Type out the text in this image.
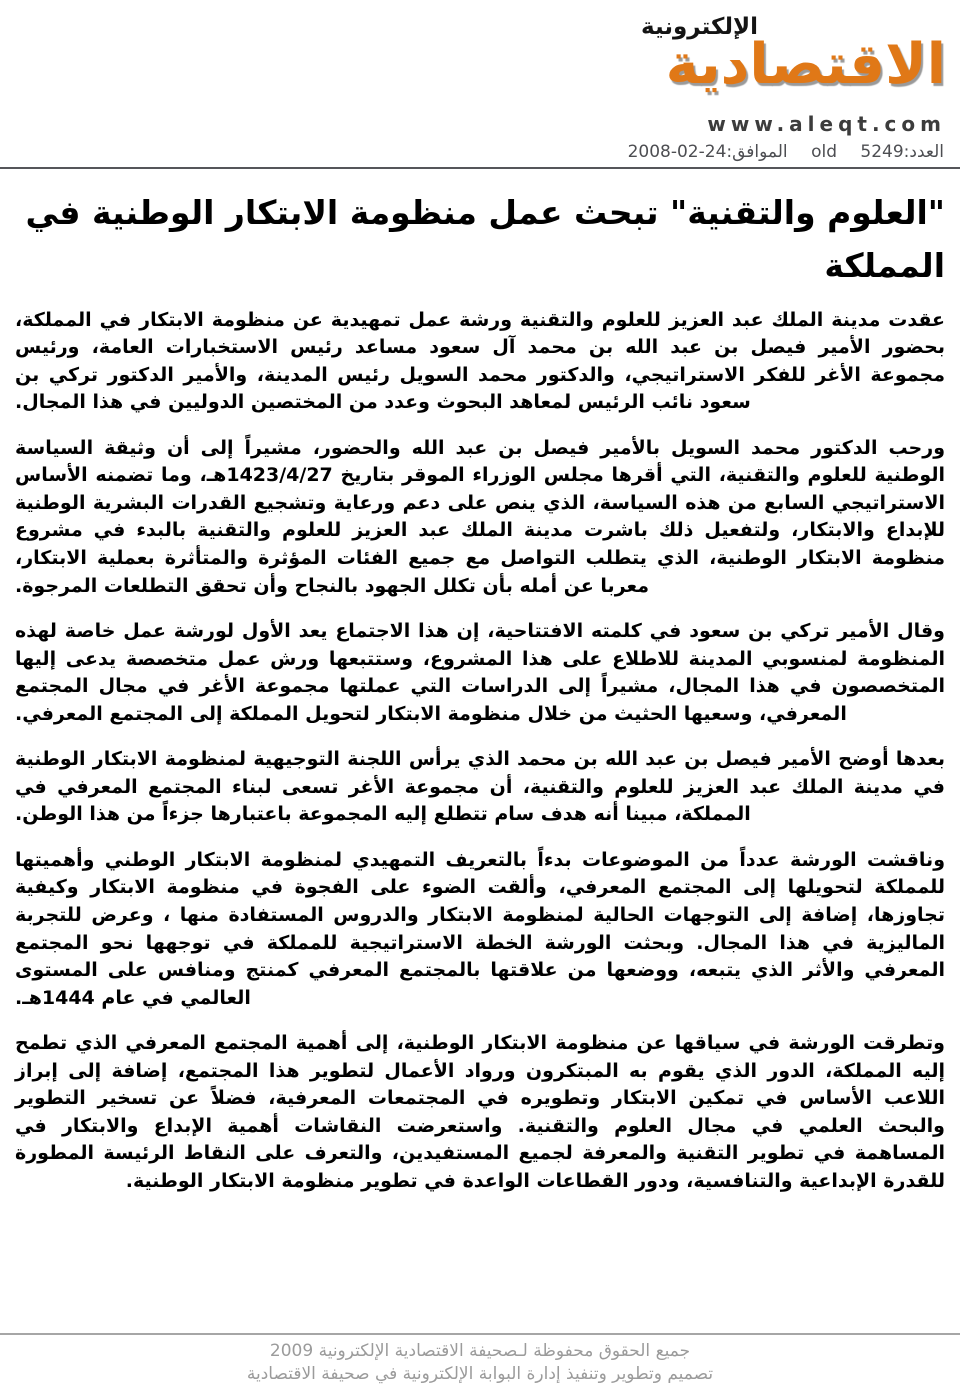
الإلكترونية
الاقتصادية
www.aleqt.com
العدد:5249 old الموافق:24-02-2008
"العلوم والتقنية" تبحث عمل منظومة الابتكار الوطنية في المملكة
عقدت مدينة الملك عبد العزيز للعلوم والتقنية ورشة عمل تمهيدية عن منظومة الابتكار في المملكة، بحضور الأمير فيصل بن عبد الله بن محمد آل سعود مساعد رئيس الاستخبارات العامة، ورئيس مجموعة الأغر للفكر الاستراتيجي، والدكتور محمد السويل رئيس المدينة، والأمير الدكتور تركي بن سعود نائب الرئيس لمعاهد البحوث وعدد من المختصين الدوليين في هذا المجال.
ورحب الدكتور محمد السويل بالأمير فيصل بن عبد الله والحضور، مشيراً إلى أن وثيقة السياسة الوطنية للعلوم والتقنية، التي أقرها مجلس الوزراء الموقر بتاريخ 1423/4/27هـ، وما تضمنه الأساس الاستراتيجي السابع من هذه السياسة، الذي ينص على دعم ورعاية وتشجيع القدرات البشرية الوطنية للإبداع والابتكار، ولتفعيل ذلك باشرت مدينة الملك عبد العزيز للعلوم والتقنية بالبدء في مشروع منظومة الابتكار الوطنية، الذي يتطلب التواصل مع جميع الفئات المؤثرة والمتأثرة بعملية الابتكار، معربا عن أمله بأن تكلل الجهود بالنجاح وأن تحقق التطلعات المرجوة.
وقال الأمير تركي بن سعود في كلمته الافتتاحية، إن هذا الاجتماع يعد الأول لورشة عمل خاصة لهذه المنظومة لمنسوبي المدينة للاطلاع على هذا المشروع، وستتبعها ورش عمل متخصصة يدعى إليها المتخصصون في هذا المجال، مشيراً إلى الدراسات التي عملتها مجموعة الأغر في مجال المجتمع المعرفي، وسعيها الحثيث من خلال منظومة الابتكار لتحويل المملكة إلى المجتمع المعرفي.
بعدها أوضح الأمير فيصل بن عبد الله بن محمد الذي يرأس اللجنة التوجيهية لمنظومة الابتكار الوطنية في مدينة الملك عبد العزيز للعلوم والتقنية، أن مجموعة الأغر تسعى لبناء المجتمع المعرفي في المملكة، مبينا أنه هدف سام تتطلع إليه المجموعة باعتبارها جزءاً من هذا الوطن.
وناقشت الورشة عدداً من الموضوعات بدءاً بالتعريف التمهيدي لمنظومة الابتكار الوطني وأهميتها للمملكة لتحويلها إلى المجتمع المعرفي، وألقت الضوء على الفجوة في منظومة الابتكار وكيفية تجاوزها، إضافة إلى التوجهات الحالية لمنظومة الابتكار والدروس المستفادة منها ، وعرض للتجربة الماليزية في هذا المجال. وبحثت الورشة الخطة الاستراتيجية للمملكة في توجهها نحو المجتمع المعرفي والأثر الذي يتبعه، ووضعها من علاقتها بالمجتمع المعرفي كمنتج ومنافس على المستوى العالمي في عام 1444هـ.
وتطرقت الورشة في سياقها عن منظومة الابتكار الوطنية، إلى أهمية المجتمع المعرفي الذي تطمح إليه المملكة، الدور الذي يقوم به المبتكرون ورواد الأعمال لتطوير هذا المجتمع، إضافة إلى إبراز اللاعب الأساس في تمكين الابتكار وتطويره في المجتمعات المعرفية، فضلاً عن تسخير التطوير والبحث العلمي في مجال العلوم والتقنية. واستعرضت النقاشات أهمية الإبداع والابتكار في المساهمة في تطوير التقنية والمعرفة لجميع المستفيدين، والتعرف على النقاط الرئيسة المطورة للقدرة الإبداعية والتنافسية، ودور القطاعات الواعدة في تطوير منظومة الابتكار الوطنية.
جميع الحقوق محفوظة لـصحيفة الاقتصادية الإلكترونية 2009
تصميم وتطوير وتنفيذ إدارة البوابة الإلكترونية في صحيفة الاقتصادية
